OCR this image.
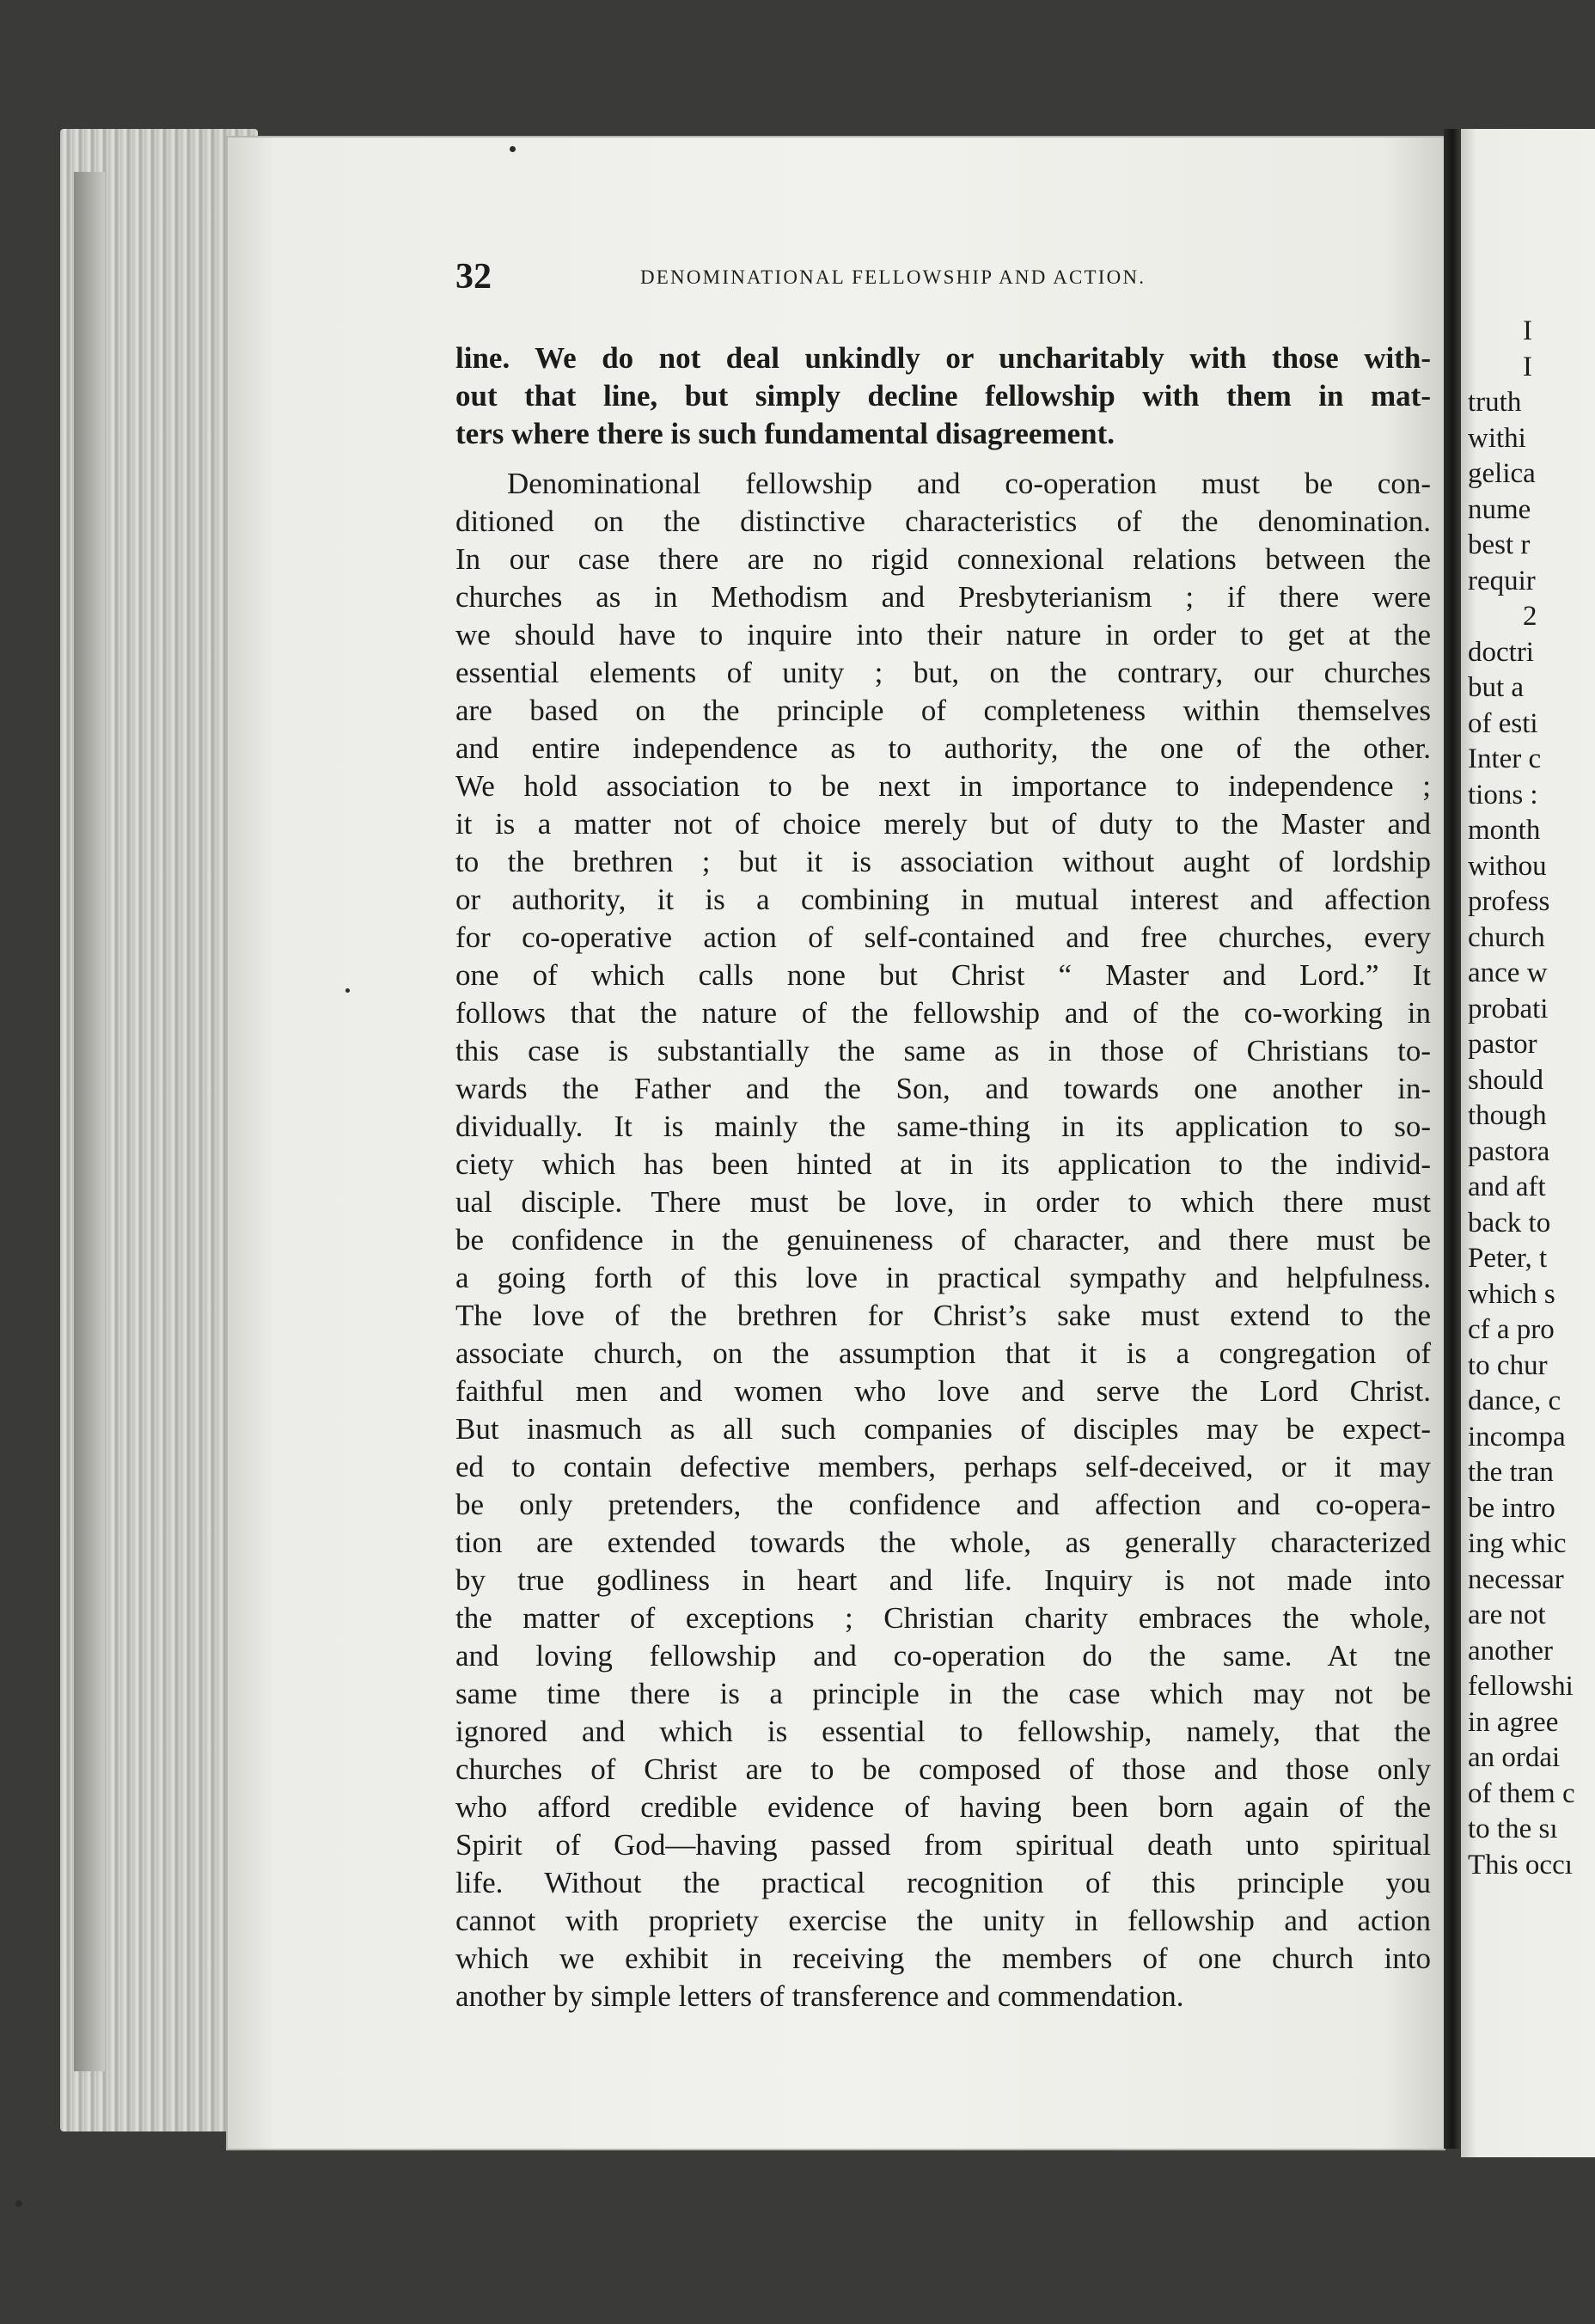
32	DENOMINATIONAL FELLOWSHIP AND ACTION.
line. We do not deal unkindly or uncharitably with those with-
out that line, but simply decline fellowship with them in mat-
ters where there is such fundamental disagreement.
Denominational fellowship and co-operation must be con-
ditioned on the distinctive characteristics of the denomination.
In our case there are no rigid connexional relations between the
churches as in Methodism and Presbyterianism ; if there were
we should have to inquire into their nature in order to get at the
essential elements of unity ; but, on the contrary, our churches
are based on the principle of completeness within themselves
and entire independence as to authority, the one of the other.
We hold association to be next in importance to independence ;
it is a matter not of choice merely but of duty to the Master and
to the brethren ; but it is association without aught of lordship
or authority, it is a combining in mutual interest and affection
for co-operative action of self-contained and free churches, every
one of which calls none but Christ “ Master and Lord.” It
follows that the nature of the fellowship and of the co-working in
this case is substantially the same as in those of Christians to-
wards the Father and the Son, and towards one another in-
dividually. It is mainly the same-thing in its application to so-
ciety which has been hinted at in its application to the individ-
ual disciple. There must be love, in order to which there must
be confidence in the genuineness of character, and there must be
a going forth of this love in practical sympathy and helpfulness.
The love of the brethren for Christ’s sake must extend to the
associate church, on the assumption that it is a congregation of
faithful men and women who love and serve the Lord Christ.
But inasmuch as all such companies of disciples may be expect-
ed to contain defective members, perhaps self-deceived, or it may
be only pretenders, the confidence and affection and co-opera-
tion are extended towards the whole, as generally characterized
by true godliness in heart and life. Inquiry is not made into
the matter of exceptions ; Christian charity embraces the whole,
and loving fellowship and co-operation do the same. At tne
same time there is a principle in the case which may not be
ignored and which is essential to fellowship, namely, that the
churches of Christ are to be composed of those and those only
who afford credible evidence of having been born again of the
Spirit of God—having passed from spiritual death unto spiritual
life. Without the practical recognition of this principle you
cannot with propriety exercise the unity in fellowship and action
which we exhibit in receiving the members of one church into
another by simple letters of transference and commendation.
I
I
truth
withi
gelica
nume
best r
requir
2
doctri
but a
of esti
Inter c
tions :
month
withou
profess
church
ance w
probati
pastor
should
though
pastora
and aft
back to
Peter, t
which s
cf a pro
to chur
dance, c
incompa
the tran
be intro
ing whic
necessar
are not
another
fellowshi
in agree
an ordai
of them c
to the sı
This occı
